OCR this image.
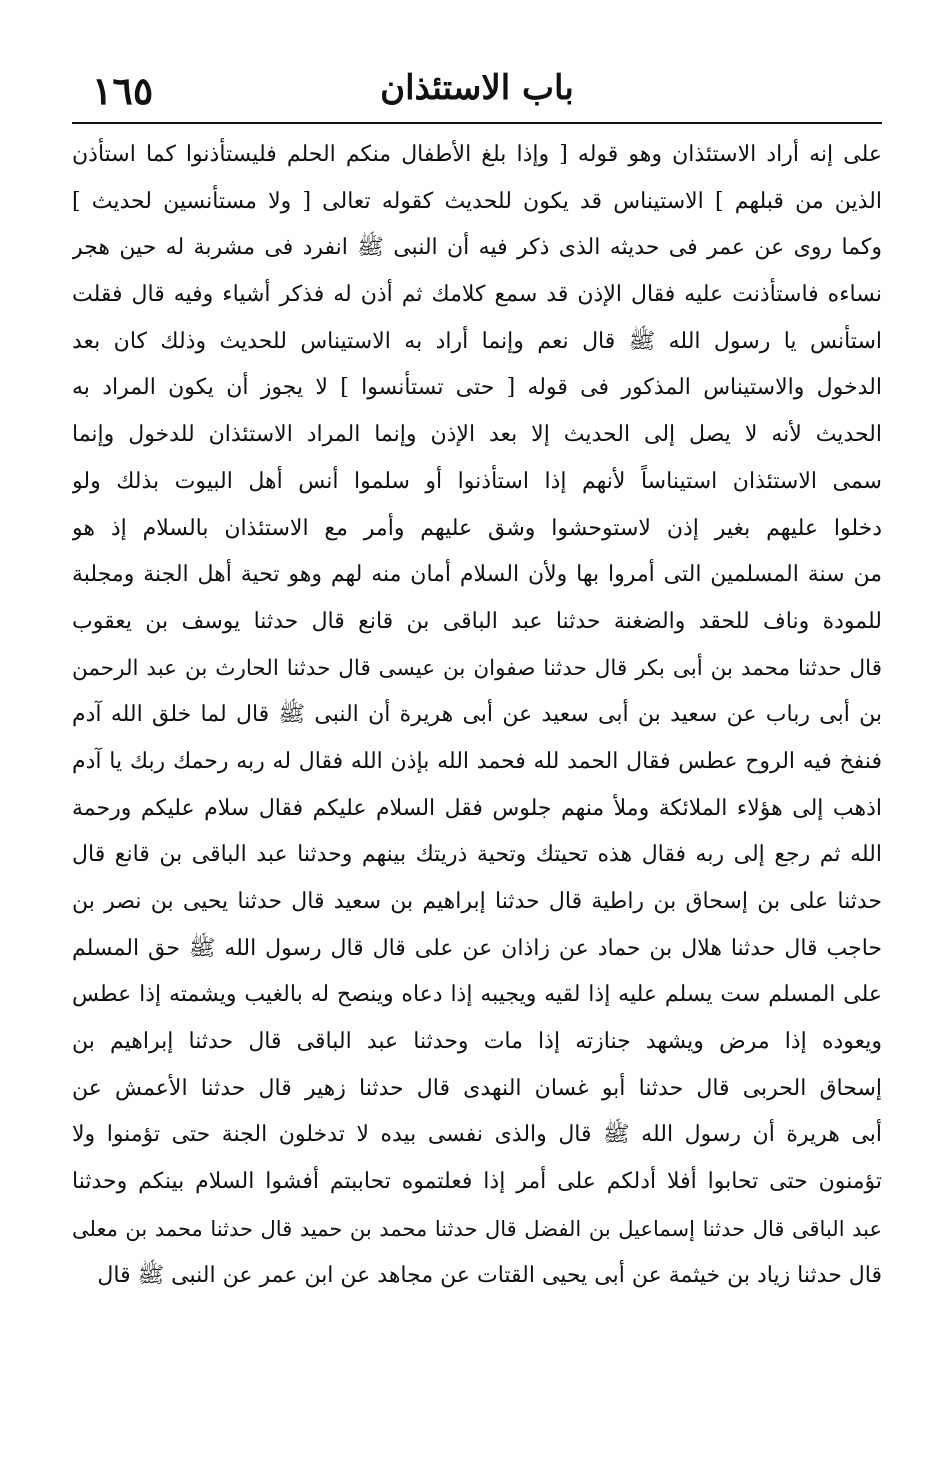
١٦٥	باب الاستئذان
على إنه أراد الاستئذان وهو قوله [ وإذا بلغ الأطفال منكم الحلم فليستأذنوا كما استأذن
الذين من قبلهم ] الاستيناس قد يكون للحديث كقوله تعالى [ ولا مستأنسين لحديث ]
وكما روى عن عمر فى حديثه الذى ذكر فيه أن النبى ﷺ انفرد فى مشربة له حين هجر
نساءه فاستأذنت عليه فقال الإذن قد سمع كلامك ثم أذن له فذكر أشياء وفيه قال فقلت
استأنس يا رسول الله ﷺ قال نعم وإنما أراد به الاستيناس للحديث وذلك كان بعد
الدخول والاستيناس المذكور فى قوله [ حتى تستأنسوا ] لا يجوز أن يكون المراد به
الحديث لأنه لا يصل إلى الحديث إلا بعد الإذن وإنما المراد الاستئذان للدخول وإنما
سمى الاستئذان استيناساً لأنهم إذا استأذنوا أو سلموا أنس أهل البيوت بذلك ولو
دخلوا عليهم بغير إذن لاستوحشوا وشق عليهم وأمر مع الاستئذان بالسلام إذ هو
من سنة المسلمين التى أمروا بها ولأن السلام أمان منه لهم وهو تحية أهل الجنة ومجلبة
للمودة وناف للحقد والضغنة حدثنا عبد الباقى بن قانع قال حدثنا يوسف بن يعقوب
قال حدثنا محمد بن أبى بكر قال حدثنا صفوان بن عيسى قال حدثنا الحارث بن عبد الرحمن
بن أبى رباب عن سعيد بن أبى سعيد عن أبى هريرة أن النبى ﷺ قال لما خلق الله آدم
فنفخ فيه الروح عطس فقال الحمد لله فحمد الله بإذن الله فقال له ربه رحمك ربك يا آدم
اذهب إلى هؤلاء الملائكة وملأ منهم جلوس فقل السلام عليكم فقال سلام عليكم ورحمة
الله ثم رجع إلى ربه فقال هذه تحيتك وتحية ذريتك بينهم وحدثنا عبد الباقى بن قانع قال
حدثنا على بن إسحاق بن راطية قال حدثنا إبراهيم بن سعيد قال حدثنا يحيى بن نصر بن
حاجب قال حدثنا هلال بن حماد عن زاذان عن على قال قال رسول الله ﷺ حق المسلم
على المسلم ست يسلم عليه إذا لقيه ويجيبه إذا دعاه وينصح له بالغيب ويشمته إذا عطس
ويعوده إذا مرض ويشهد جنازته إذا مات وحدثنا عبد الباقى قال حدثنا إبراهيم بن
إسحاق الحربى قال حدثنا أبو غسان النهدى قال حدثنا زهير قال حدثنا الأعمش عن
أبى هريرة أن رسول الله ﷺ قال والذى نفسى بيده لا تدخلون الجنة حتى تؤمنوا ولا
تؤمنون حتى تحابوا أفلا أدلكم على أمر إذا فعلتموه تحاببتم أفشوا السلام بينكم وحدثنا
عبد الباقى قال حدثنا إسماعيل بن الفضل قال حدثنا محمد بن حميد قال حدثنا محمد بن معلى
قال حدثنا زياد بن خيثمة عن أبى يحيى القتات عن مجاهد عن ابن عمر عن النبى ﷺ قال
